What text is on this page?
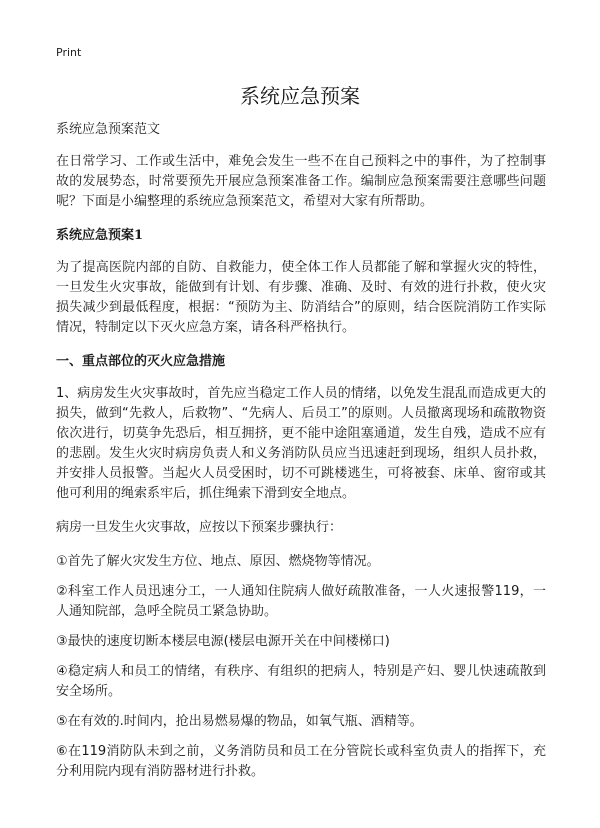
Print
系统应急预案
系统应急预案范文

在日常学习、工作或生活中，难免会发生一些不在自己预料之中的事件，为了控制事故的发展势态，时常要预先开展应急预案准备工作。编制应急预案需要注意哪些问题呢？下面是小编整理的系统应急预案范文，希望对大家有所帮助。

系统应急预案1

为了提高医院内部的自防、自救能力，使全体工作人员都能了解和掌握火灾的特性，一旦发生火灾事故，能做到有计划、有步骤、准确、及时、有效的进行扑救，使火灾损失减少到最低程度，根据：“预防为主、防消结合”的原则，结合医院消防工作实际情况，特制定以下灭火应急方案，请各科严格执行。

一、重点部位的灭火应急措施

1、病房发生火灾事故时，首先应当稳定工作人员的情绪，以免发生混乱而造成更大的损失，做到“先救人，后救物”、“先病人、后员工”的原则。人员撤离现场和疏散物资依次进行，切莫争先恐后，相互拥挤，更不能中途阻塞通道，发生自残，造成不应有的悲剧。发生火灾时病房负责人和义务消防队员应当迅速赶到现场，组织人员扑救，并安排人员报警。当起火人员受困时，切不可跳楼逃生，可将被套、床单、窗帘或其他可利用的绳索系牢后，抓住绳索下滑到安全地点。

病房一旦发生火灾事故，应按以下预案步骤执行：

①首先了解火灾发生方位、地点、原因、燃烧物等情况。
②科室工作人员迅速分工，一人通知住院病人做好疏散准备，一人火速报警119，一人通知院部，急呼全院员工紧急协助。
③最快的速度切断本楼层电源(楼层电源开关在中间楼梯口)
④稳定病人和员工的情绪，有秩序、有组织的把病人，特别是产妇、婴儿快速疏散到安全场所。
⑤在有效的.时间内，抢出易燃易爆的物品，如氧气瓶、酒精等。
⑥在119消防队未到之前，义务消防员和员工在分管院长或科室负责人的指挥下，充分利用院内现有消防器材进行扑救。
